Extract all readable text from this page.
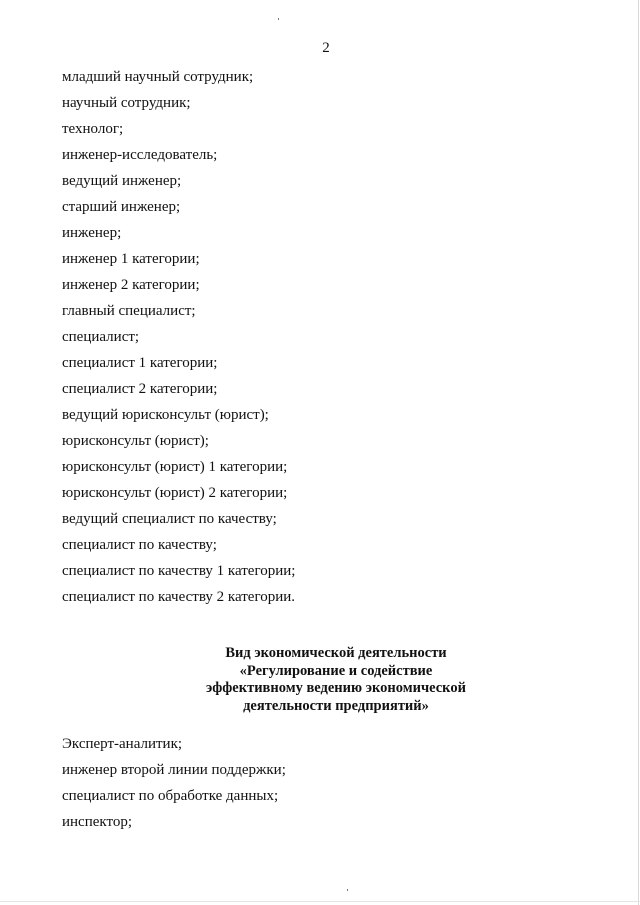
2
младший научный сотрудник;
научный сотрудник;
технолог;
инженер-исследователь;
ведущий инженер;
старший инженер;
инженер;
инженер 1 категории;
инженер 2 категории;
главный специалист;
специалист;
специалист 1 категории;
специалист 2 категории;
ведущий юрисконсульт (юрист);
юрисконсульт (юрист);
юрисконсульт (юрист) 1 категории;
юрисконсульт (юрист) 2 категории;
ведущий специалист по качеству;
специалист по качеству;
специалист по качеству 1 категории;
специалист по качеству 2 категории.
Вид экономической деятельности
«Регулирование и содействие
эффективному ведению экономической
деятельности предприятий»
Эксперт-аналитик;
инженер второй линии поддержки;
специалист по обработке данных;
инспектор;
